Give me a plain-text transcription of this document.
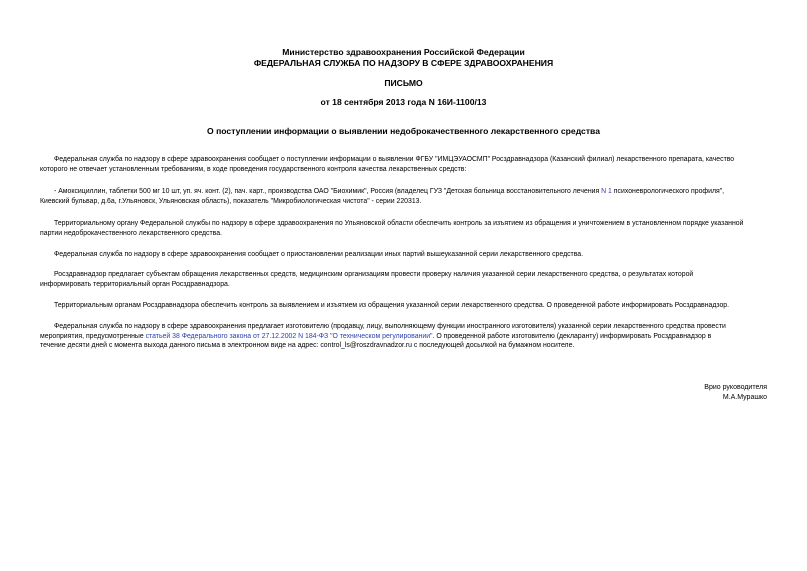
Министерство здравоохранения Российской Федерации
ФЕДЕРАЛЬНАЯ СЛУЖБА ПО НАДЗОРУ В СФЕРЕ ЗДРАВООХРАНЕНИЯ
ПИСЬМО
от 18 сентября 2013 года N 16И-1100/13
О поступлении информации о выявлении недоброкачественного лекарственного средства
Федеральная служба по надзору в сфере здравоохранения сообщает о поступлении информации о выявлении ФГБУ "ИМЦЭУАОСМП" Росздравнадзора (Казанский филиал) лекарственного препарата, качество
которого не отвечает установленным требованиям, в ходе проведения государственного контроля качества лекарственных средств:
- Амоксициллин, таблетки 500 мг 10 шт, уп. яч. конт. (2), пач. карт., производства ОАО "Биохимик", Россия (владелец ГУЗ "Детская больница восстановительного лечения N 1 психоневрологического профиля",
Киевский бульвар, д.6а, г.Ульяновск, Ульяновская область), показатель "Микробиологическая чистота" - серии 220313.
Территориальному органу Федеральной службы по надзору в сфере здравоохранения по Ульяновской области обеспечить контроль за изъятием из обращения и уничтожением в установленном порядке указанной
партии недоброкачественного лекарственного средства.
Федеральная служба по надзору в сфере здравоохранения сообщает о приостановлении реализации иных партий вышеуказанной серии лекарственного средства.
Росздравнадзор предлагает субъектам обращения лекарственных средств, медицинским организациям провести проверку наличия указанной серии лекарственного средства, о результатах которой
информировать территориальный орган Росздравнадзора.
Территориальным органам Росздравнадзора обеспечить контроль за выявлением и изъятием из обращения указанной серии лекарственного средства. О проведенной работе информировать Росздравнадзор.
Федеральная служба по надзору в сфере здравоохранения предлагает изготовителю (продавцу, лицу, выполняющему функции иностранного изготовителя) указанной серии лекарственного средства провести
мероприятия, предусмотренные статьей 38 Федерального закона от 27.12.2002 N 184-ФЗ "О техническом регулировании". О проведенной работе изготовителю (декларанту) информировать Росздравнадзор в
течение десяти дней с момента выхода данного письма в электронном виде на адрес: control_ls@roszdravnadzor.ru с последующей досылкой на бумажном носителе.
Врио руководителя
М.А.Мурашко
